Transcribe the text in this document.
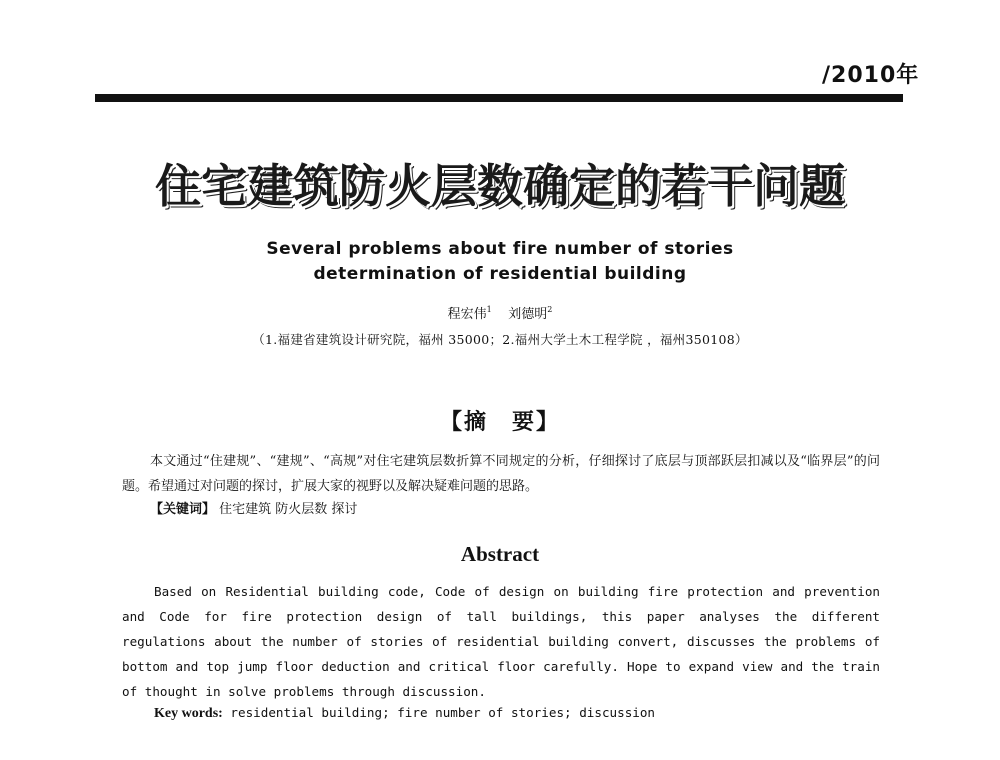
/2010年
住宅建筑防火层数确定的若干问题
Several problems about fire number of stories
determination of residential building
程宏伟$^1$ 刘德明$^2$
（1.福建省建筑设计研究院，福州 35000；2.福州大学土木工程学院 ，福州350108）
【摘　要】
本文通过“住建规”、“建规”、“高规”对住宅建筑层数折算不同规定的分析，仔细探讨了底层与顶部跃层扣减以及“临界层”的问题。希望通过对问题的探讨，扩展大家的视野以及解决疑难问题的思路。
【关键词】 住宅建筑 防火层数 探讨
Abstract
Based on Residential building code, Code of design on building fire protection and prevention and Code for fire protection design of tall buildings, this paper analyses the different regulations about the number of stories of residential building convert, discusses the problems of bottom and top jump floor deduction and critical floor carefully. Hope to expand view and the train of thought in solve problems through discussion.
Key words: residential building; fire number of stories; discussion
